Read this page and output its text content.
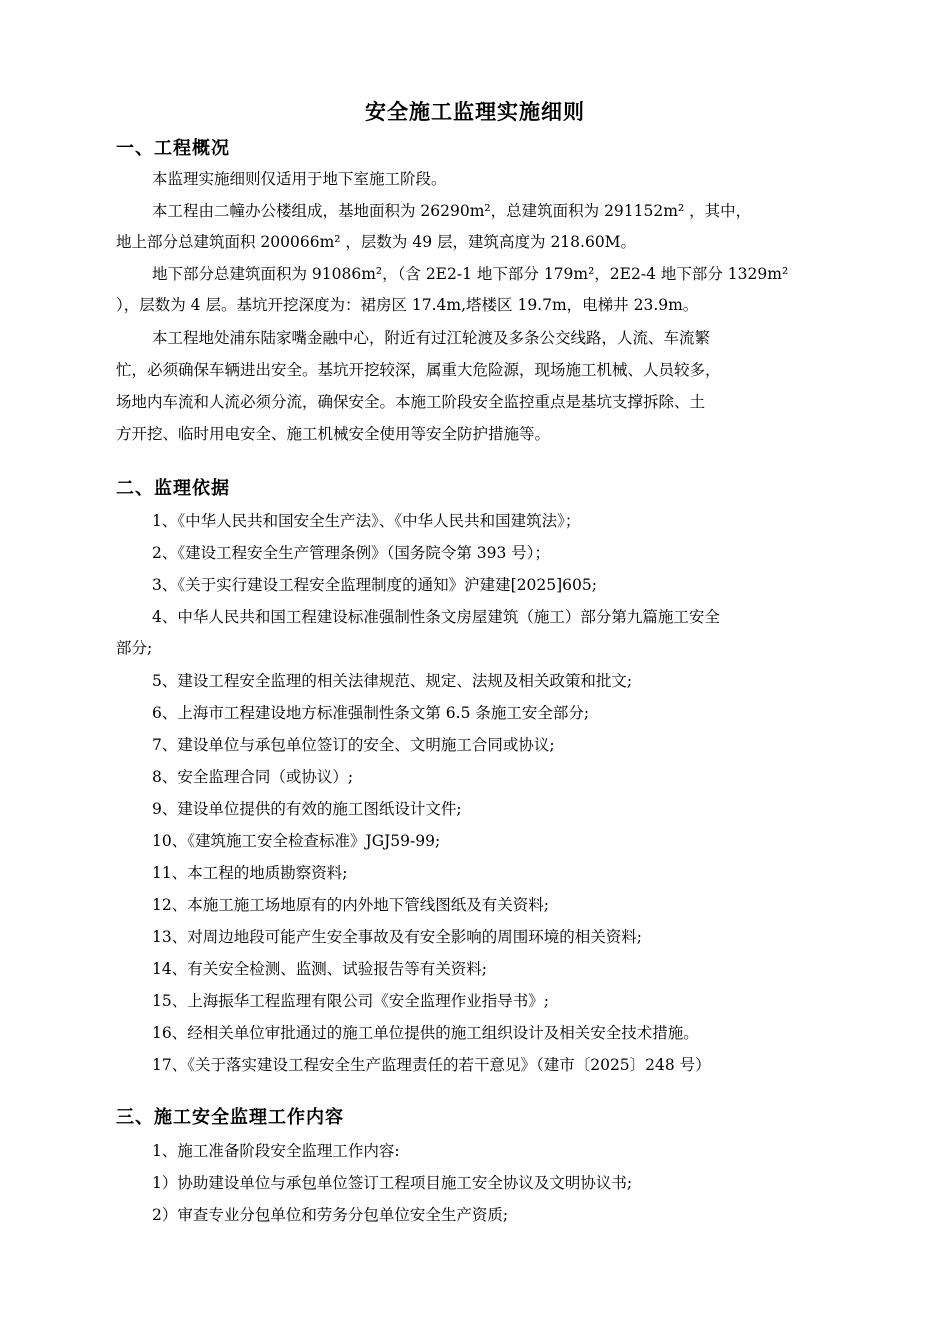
安全施工监理实施细则
一、工程概况
本监理实施细则仅适用于地下室施工阶段。
本工程由二幢办公楼组成，基地面积为 26290m²，总建筑面积为 291152m² ，其中，
地上部分总建筑面积 200066m² ，层数为 49 层，建筑高度为 218.60M。
地下部分总建筑面积为 91086m²，（含 2E2-1 地下部分 179m²，2E2-4 地下部分 1329m²
），层数为 4 层。基坑开挖深度为：裙房区 17.4m,塔楼区 19.7m，电梯井 23.9m。
本工程地处浦东陆家嘴金融中心，附近有过江轮渡及多条公交线路，人流、车流繁
忙，必须确保车辆进出安全。基坑开挖较深，属重大危险源，现场施工机械、人员较多，
场地内车流和人流必须分流，确保安全。本施工阶段安全监控重点是基坑支撑拆除、土
方开挖、临时用电安全、施工机械安全使用等安全防护措施等。
二、监理依据
1、《中华人民共和国安全生产法》、《中华人民共和国建筑法》；
2、《建设工程安全生产管理条例》（国务院令第 393 号）；
3、《关于实行建设工程安全监理制度的通知》沪建建[2025]605;
4、中华人民共和国工程建设标准强制性条文房屋建筑（施工）部分第九篇施工安全
部分;
5、建设工程安全监理的相关法律规范、规定、法规及相关政策和批文;
6、上海市工程建设地方标准强制性条文第 6.5 条施工安全部分;
7、建设单位与承包单位签订的安全、文明施工合同或协议;
8、安全监理合同（或协议）;
9、建设单位提供的有效的施工图纸设计文件;
10、《建筑施工安全检查标准》JGJ59-99;
11、本工程的地质勘察资料;
12、本施工施工场地原有的内外地下管线图纸及有关资料;
13、对周边地段可能产生安全事故及有安全影响的周围环境的相关资料;
14、有关安全检测、监测、试验报告等有关资料;
15、上海振华工程监理有限公司《安全监理作业指导书》;
16、经相关单位审批通过的施工单位提供的施工组织设计及相关安全技术措施。
17、《关于落实建设工程安全生产监理责任的若干意见》（建市〔2025〕248 号）
三、施工安全监理工作内容
1、施工准备阶段安全监理工作内容:
1）协助建设单位与承包单位签订工程项目施工安全协议及文明协议书;
2）审查专业分包单位和劳务分包单位安全生产资质;
